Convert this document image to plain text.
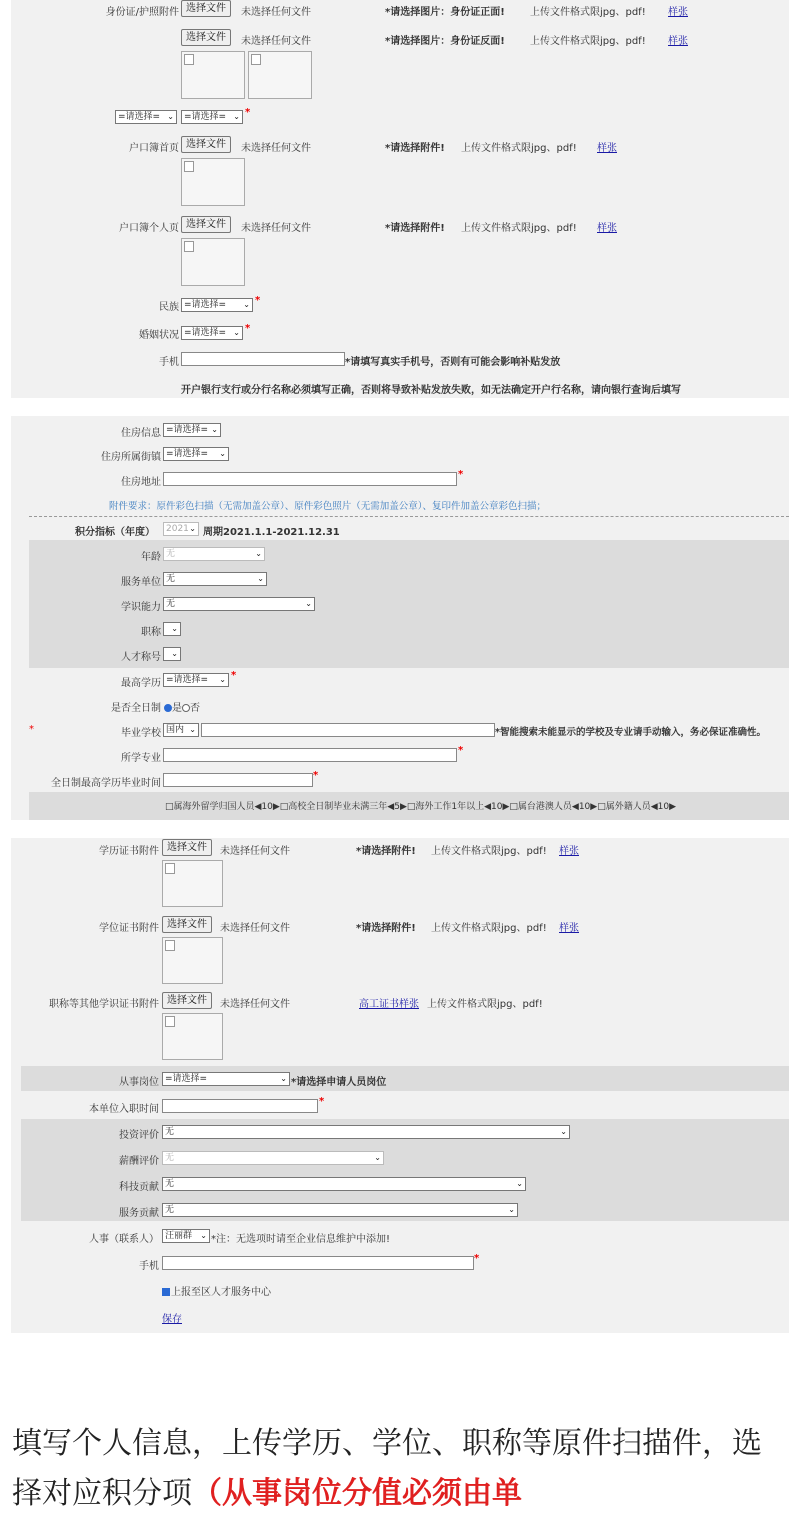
身份证/护照附件 选择文件	未选择任何文件	*请选择图片：身份证正面!	上传文件格式限jpg、pdf! 样张
选择文件	未选择任何文件	*请选择图片：身份证反面!	上传文件格式限jpg、pdf! 样张
=请选择= ⌄	=请选择= ⌄ *
户口簿首页 选择文件	未选择任何文件	*请选择附件! 上传文件格式限jpg、pdf! 样张
户口簿个人页 选择文件	未选择任何文件	*请选择附件! 上传文件格式限jpg、pdf! 样张
民族 =请选择= ⌄ *
婚姻状况 =请选择= ⌄ *
手机	*请填写真实手机号，否则有可能会影响补贴发放
开户银行支行或分行名称必须填写正确，否则将导致补贴发放失败，如无法确定开户行名称，请向银行查询后填写
住房信息 =请选择= ⌄
住房所属街镇 =请选择= ⌄
住房地址
*
附件要求：原件彩色扫描（无需加盖公章）、原件彩色照片（无需加盖公章）、复印件加盖公章彩色扫描；
积分指标（年度）	2021 ⌄ 周期2021.1.1-2021.12.31
年龄 无	⌄
服务单位 无	⌄
学识能力 无	⌄
职称 ⌄
人才称号 ⌄
最高学历 =请选择= ⌄ *
是否全日制	是 否
*	毕业学校 国内 ⌄	*智能搜索未能显示的学校及专业请手动输入，务必保证准确性。
所学专业
*
全日制最高学历毕业时间
*
□属海外留学归国人员◀10▶□高校全日制毕业未满三年◀5▶□海外工作1年以上◀10▶□属台港澳人员◀10▶□属外籍人员◀10▶
学历证书附件 选择文件	未选择任何文件	*请选择附件! 上传文件格式限jpg、pdf! 样张
学位证书附件 选择文件	未选择任何文件	*请选择附件! 上传文件格式限jpg、pdf! 样张
职称等其他学识证书附件 选择文件	未选择任何文件	高工证书样张 上传文件格式限jpg、pdf!
从事岗位 =请选择=	⌄ *请选择申请人员岗位
本单位入职时间
*
投资评价 无	⌄
薪酬评价 无	⌄
科技贡献 无	⌄
服务贡献 无	⌄
人事（联系人） 汪丽群 ⌄ *注：无选项时请至企业信息维护中添加!
手机
*
上报至区人才服务中心
保存
填写个人信息，上传学历、学位、职称等原件扫描件，选择对应积分项（从事岗位分值必须由单
